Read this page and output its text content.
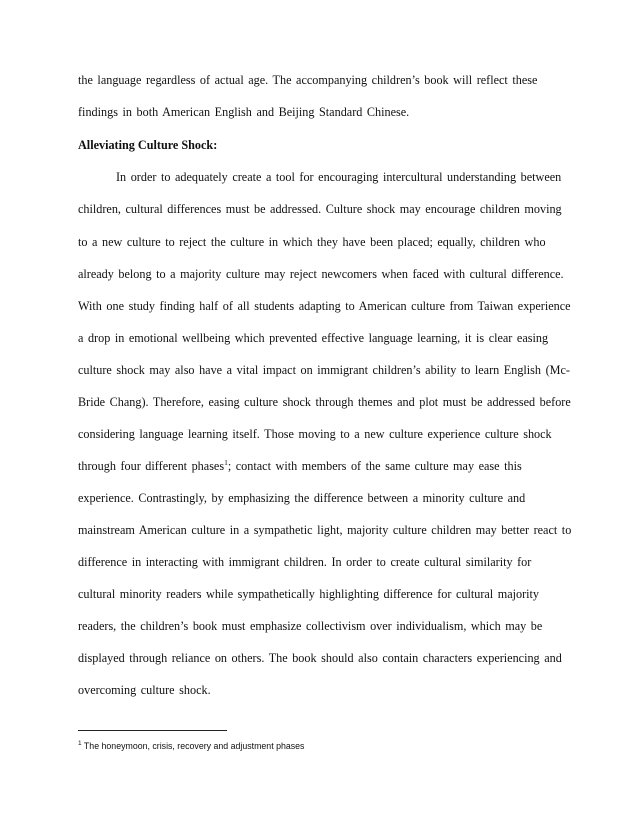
the language regardless of actual age. The accompanying children’s book will reflect these
findings in both American English and Beijing Standard Chinese.
Alleviating Culture Shock:
In order to adequately create a tool for encouraging intercultural understanding between
children, cultural differences must be addressed. Culture shock may encourage children moving
to a new culture to reject the culture in which they have been placed; equally, children who
already belong to a majority culture may reject newcomers when faced with cultural difference.
With one study finding half of all students adapting to American culture from Taiwan experience
a drop in emotional wellbeing which prevented effective language learning, it is clear easing
culture shock may also have a vital impact on immigrant children’s ability to learn English (Mc-
Bride Chang). Therefore, easing culture shock through themes and plot must be addressed before
considering language learning itself. Those moving to a new culture experience culture shock
through four different phases$^1$; contact with members of the same culture may ease this
experience. Contrastingly, by emphasizing the difference between a minority culture and
mainstream American culture in a sympathetic light, majority culture children may better react to
difference in interacting with immigrant children. In order to create cultural similarity for
cultural minority readers while sympathetically highlighting difference for cultural majority
readers, the children’s book must emphasize collectivism over individualism, which may be
displayed through reliance on others. The book should also contain characters experiencing and
overcoming culture shock.
$^1$ The honeymoon, crisis, recovery and adjustment phases
